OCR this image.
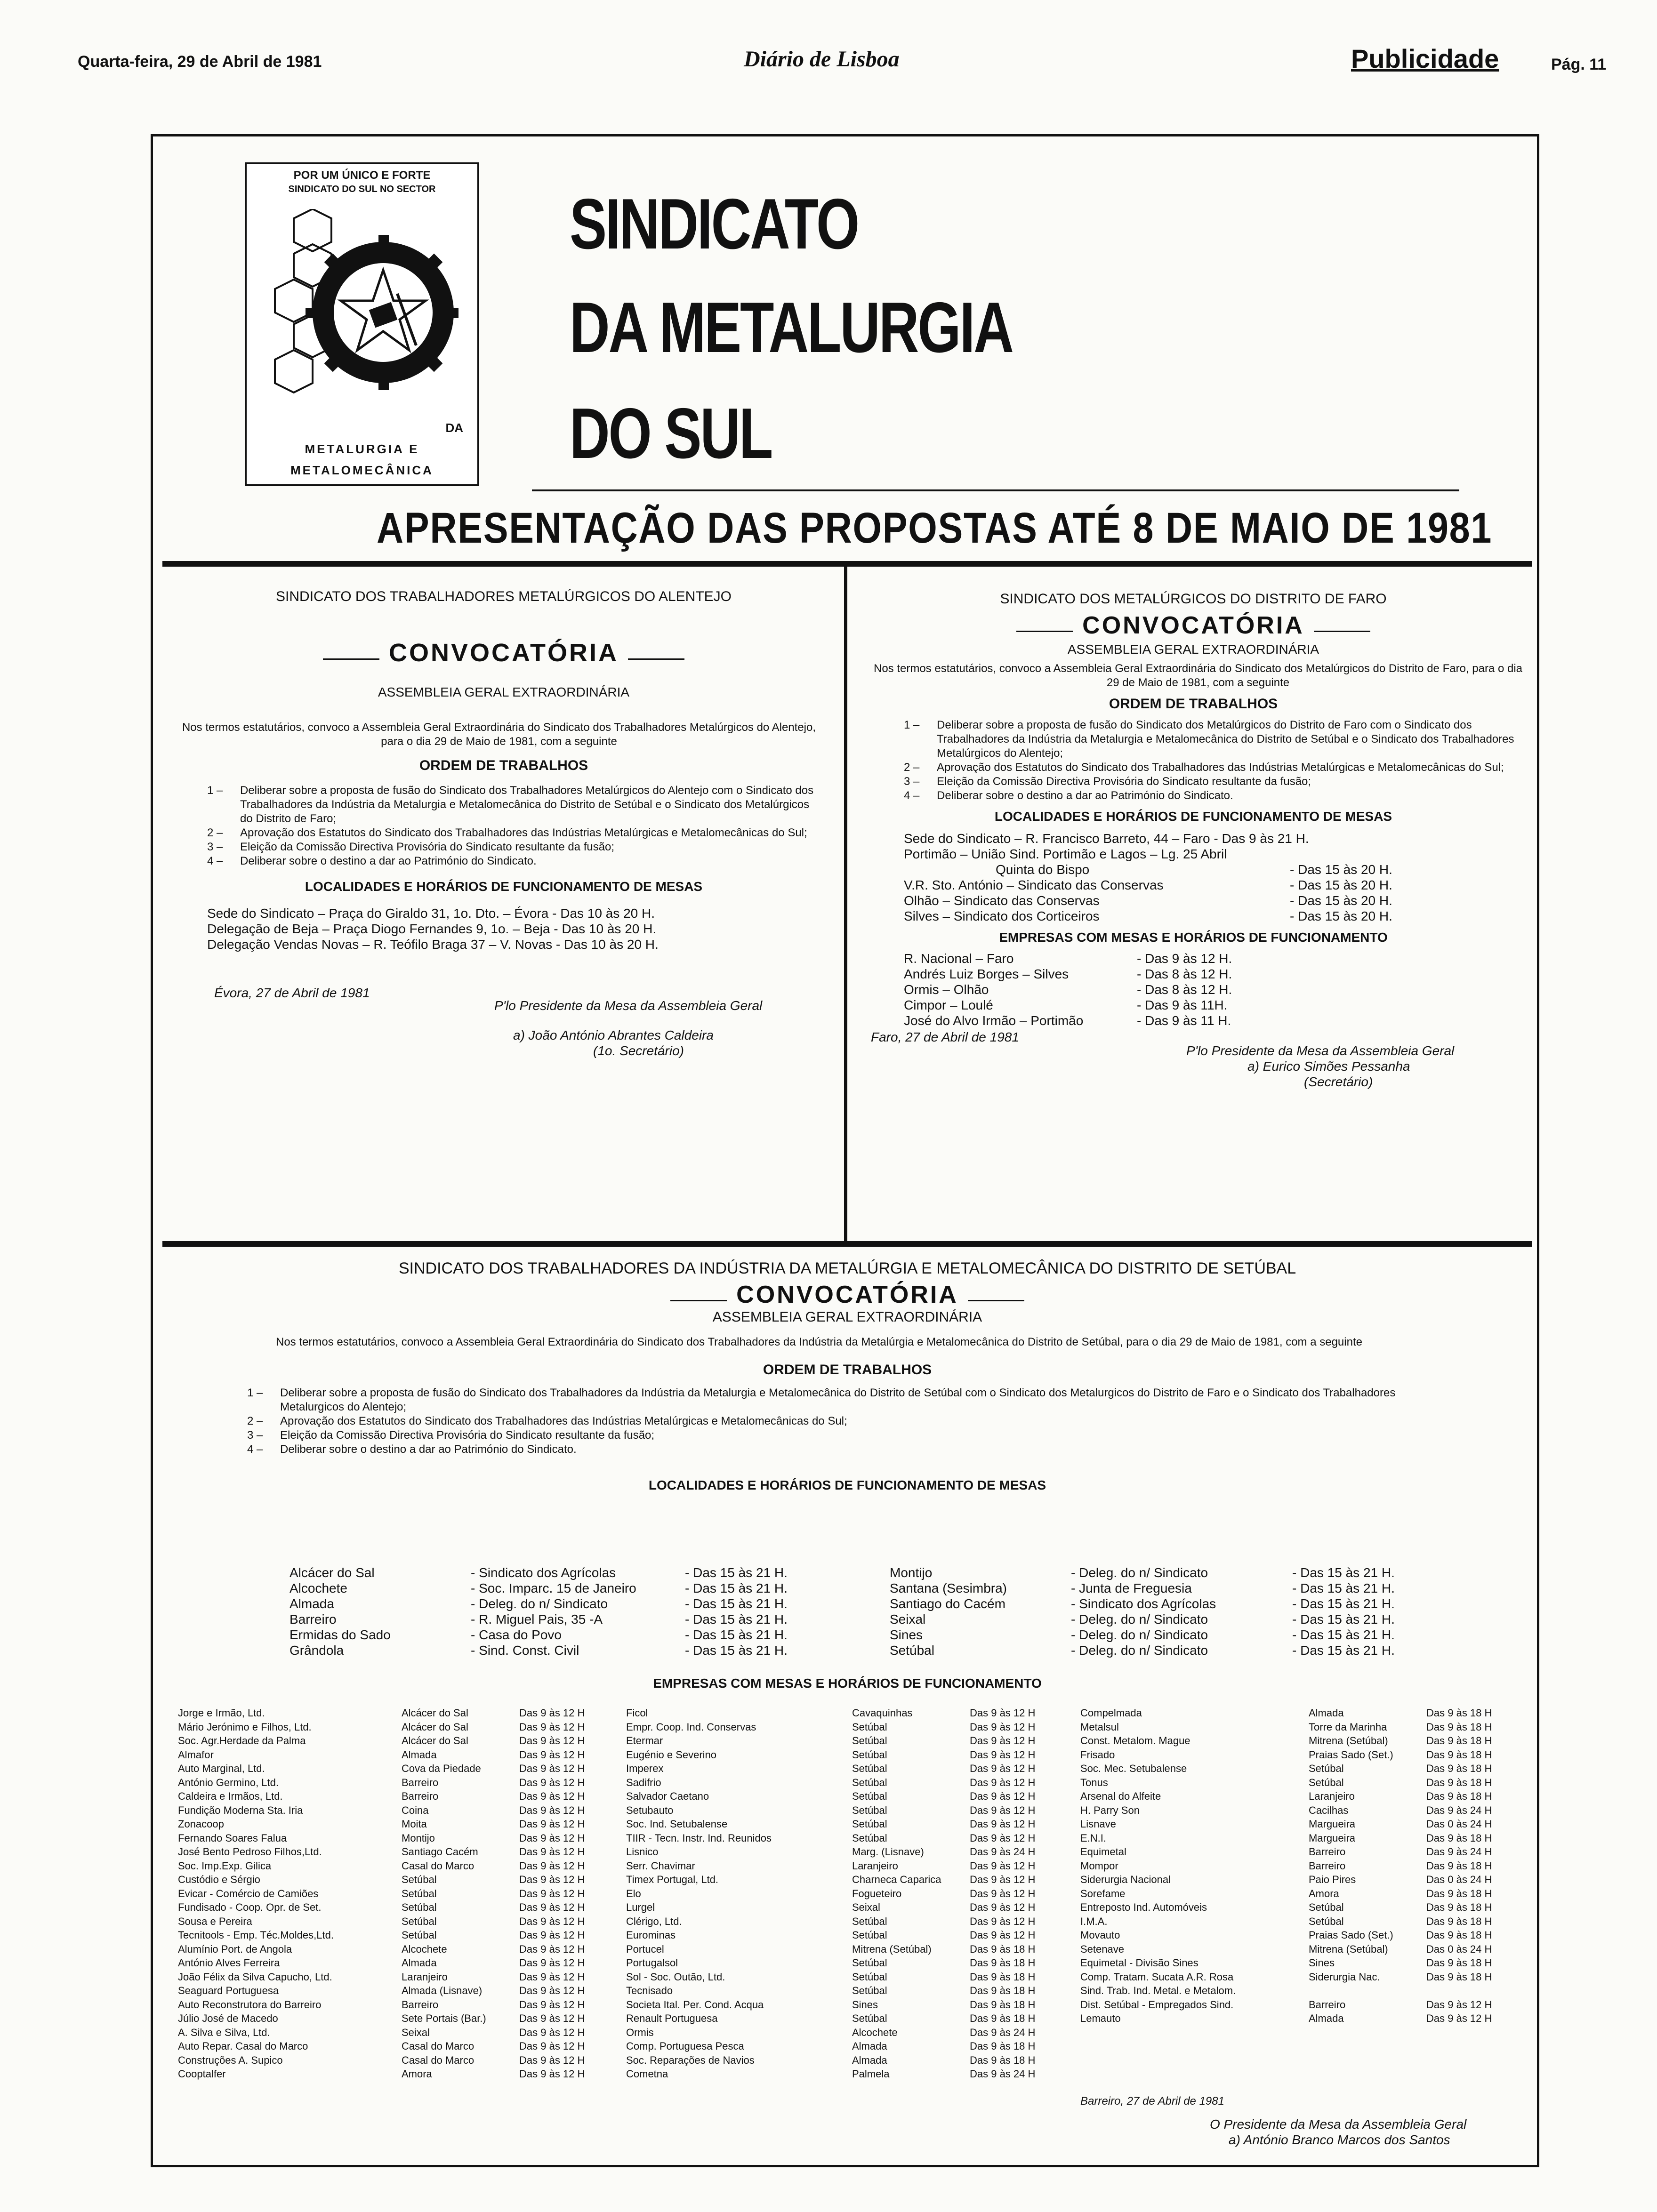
Quarta-feira, 29 de Abril de 1981	Diário de Lisboa	Publicidade	Pág. 11
POR UM ÚNICO E FORTE
SINDICATO DO SUL NO SECTOR
DA
METALURGIA E
METALOMECÂNICA
SINDICATO
DA METALURGIA
DO SUL
APRESENTAÇÃO DAS PROPOSTAS ATÉ 8 DE MAIO DE 1981
SINDICATO DOS TRABALHADORES METALÚRGICOS DO ALENTEJO
CONVOCATÓRIA
ASSEMBLEIA GERAL EXTRAORDINÁRIA
Nos termos estatutários, convoco a Assembleia Geral Extraordinária do Sindicato dos Trabalhadores Metalúrgicos do Alentejo, para o dia 29 de Maio de 1981, com a seguinte
ORDEM DE TRABALHOS
1 – Deliberar sobre a proposta de fusão do Sindicato dos Trabalhadores Metalúrgicos do Alentejo com o Sindicato dos Trabalhadores da Indústria da Metalurgia e Metalomecânica do Distrito de Setúbal e o Sindicato dos Metalúrgicos do Distrito de Faro;
2 – Aprovação dos Estatutos do Sindicato dos Trabalhadores das Indústrias Metalúrgicas e Metalomecânicas do Sul;
3 – Eleição da Comissão Directiva Provisória do Sindicato resultante da fusão;
4 – Deliberar sobre o destino a dar ao Património do Sindicato.
LOCALIDADES E HORÁRIOS DE FUNCIONAMENTO DE MESAS
Sede do Sindicato – Praça do Giraldo 31, 1o. Dto. – Évora - Das 10 às 20 H.
Delegação de Beja – Praça Diogo Fernandes 9, 1o. – Beja - Das 10 às 20 H.
Delegação Vendas Novas – R. Teófilo Braga 37 – V. Novas - Das 10 às 20 H.
Évora, 27 de Abril de 1981
P'lo Presidente da Mesa da Assembleia Geral
a) João António Abrantes Caldeira
(1o. Secretário)
SINDICATO DOS METALÚRGICOS DO DISTRITO DE FARO
CONVOCATÓRIA
ASSEMBLEIA GERAL EXTRAORDINÁRIA
Nos termos estatutários, convoco a Assembleia Geral Extraordinária do Sindicato dos Metalúrgicos do Distrito de Faro, para o dia 29 de Maio de 1981, com a seguinte
ORDEM DE TRABALHOS
1 – Deliberar sobre a proposta de fusão do Sindicato dos Metalúrgicos do Distrito de Faro com o Sindicato dos Trabalhadores da Indústria da Metalurgia e Metalomecânica do Distrito de Setúbal e o Sindicato dos Trabalhadores Metalúrgicos do Alentejo;
2 – Aprovação dos Estatutos do Sindicato dos Trabalhadores das Indústrias Metalúrgicas e Metalomecânicas do Sul;
3 – Eleição da Comissão Directiva Provisória do Sindicato resultante da fusão;
4 – Deliberar sobre o destino a dar ao Património do Sindicato.
LOCALIDADES E HORÁRIOS DE FUNCIONAMENTO DE MESAS
Sede do Sindicato – R. Francisco Barreto, 44 – Faro - Das 9 às 21 H.
Portimão – União Sind. Portimão e Lagos – Lg. 25 Abril	
Quinta do Bispo	- Das 15 às 20 H.
V.R. Sto. António – Sindicato das Conservas	- Das 15 às 20 H.
Olhão – Sindicato das Conservas	- Das 15 às 20 H.
Silves – Sindicato dos Corticeiros	- Das 15 às 20 H.
EMPRESAS COM MESAS E HORÁRIOS DE FUNCIONAMENTO
R. Nacional – Faro	- Das 9 às 12 H.
Andrés Luiz Borges – Silves	- Das 8 às 12 H.
Ormis – Olhão	- Das 8 às 12 H.
Cimpor – Loulé	- Das 9 às 11H.
José do Alvo Irmão – Portimão	- Das 9 às 11 H.
Faro, 27 de Abril de 1981
P'lo Presidente da Mesa da Assembleia Geral
a) Eurico Simões Pessanha
(Secretário)
SINDICATO DOS TRABALHADORES DA INDÚSTRIA DA METALÚRGIA E METALOMECÂNICA DO DISTRITO DE SETÚBAL
CONVOCATÓRIA
ASSEMBLEIA GERAL EXTRAORDINÁRIA
Nos termos estatutários, convoco a Assembleia Geral Extraordinária do Sindicato dos Trabalhadores da Indústria da Metalúrgia e Metalomecânica do Distrito de Setúbal, para o dia 29 de Maio de 1981, com a seguinte
ORDEM DE TRABALHOS
1 – Deliberar sobre a proposta de fusão do Sindicato dos Trabalhadores da Indústria da Metalurgia e Metalomecânica do Distrito de Setúbal com o Sindicato dos Metalurgicos do Distrito de Faro e o Sindicato dos Trabalhadores Metalurgicos do Alentejo;
2 – Aprovação dos Estatutos do Sindicato dos Trabalhadores das Indústrias Metalúrgicas e Metalomecânicas do Sul;
3 – Eleição da Comissão Directiva Provisória do Sindicato resultante da fusão;
4 – Deliberar sobre o destino a dar ao Património do Sindicato.
LOCALIDADES E HORÁRIOS DE FUNCIONAMENTO DE MESAS
Alcácer do Sal	- Sindicato dos Agrícolas	- Das 15 às 21 H.
Alcochete	- Soc. Imparc. 15 de Janeiro	- Das 15 às 21 H.
Almada	- Deleg. do n/ Sindicato	- Das 15 às 21 H.
Barreiro	- R. Miguel Pais, 35 -A	- Das 15 às 21 H.
Ermidas do Sado	- Casa do Povo	- Das 15 às 21 H.
Grândola	- Sind. Const. Civil	- Das 15 às 21 H.
Montijo	- Deleg. do n/ Sindicato	- Das 15 às 21 H.
Santana (Sesimbra)	- Junta de Freguesia	- Das 15 às 21 H.
Santiago do Cacém	- Sindicato dos Agrícolas	- Das 15 às 21 H.
Seixal	- Deleg. do n/ Sindicato	- Das 15 às 21 H.
Sines	- Deleg. do n/ Sindicato	- Das 15 às 21 H.
Setúbal	- Deleg. do n/ Sindicato	- Das 15 às 21 H.
EMPRESAS COM MESAS E HORÁRIOS DE FUNCIONAMENTO
Jorge e Irmão, Ltd.	Alcácer do Sal	Das 9 às 12 H
Mário Jerónimo e Filhos, Ltd.	Alcácer do Sal	Das 9 às 12 H
Soc. Agr.Herdade da Palma	Alcácer do Sal	Das 9 às 12 H
Almafor	Almada	Das 9 às 12 H
Auto Marginal, Ltd.	Cova da Piedade	Das 9 às 12 H
António Germino, Ltd.	Barreiro	Das 9 às 12 H
Caldeira e Irmãos, Ltd.	Barreiro	Das 9 às 12 H
Fundição Moderna Sta. Iria	Coina	Das 9 às 12 H
Zonacoop	Moita	Das 9 às 12 H
Fernando Soares Falua	Montijo	Das 9 às 12 H
José Bento Pedroso Filhos,Ltd.	Santiago Cacém	Das 9 às 12 H
Soc. Imp.Exp. Gilica	Casal do Marco	Das 9 às 12 H
Custódio e Sérgio	Setúbal	Das 9 às 12 H
Evicar - Comércio de Camiões	Setúbal	Das 9 às 12 H
Fundisado - Coop. Opr. de Set.	Setúbal	Das 9 às 12 H
Sousa e Pereira	Setúbal	Das 9 às 12 H
Tecnitools - Emp. Téc.Moldes,Ltd.	Setúbal	Das 9 às 12 H
Alumínio Port. de Angola	Alcochete	Das 9 às 12 H
António Alves Ferreira	Almada	Das 9 às 12 H
João Félix da Silva Capucho, Ltd.	Laranjeiro	Das 9 às 12 H
Seaguard Portuguesa	Almada (Lisnave)	Das 9 às 12 H
Auto Reconstrutora do Barreiro	Barreiro	Das 9 às 12 H
Júlio José de Macedo	Sete Portais (Bar.)	Das 9 às 12 H
A. Silva e Silva, Ltd.	Seixal	Das 9 às 12 H
Auto Repar. Casal do Marco	Casal do Marco	Das 9 às 12 H
Construções A. Supico	Casal do Marco	Das 9 às 12 H
Cooptalfer	Amora	Das 9 às 12 H
Ficol	Cavaquinhas	Das 9 às 12 H
Empr. Coop. Ind. Conservas	Setúbal	Das 9 às 12 H
Etermar	Setúbal	Das 9 às 12 H
Eugénio e Severino	Setúbal	Das 9 às 12 H
Imperex	Setúbal	Das 9 às 12 H
Sadifrio	Setúbal	Das 9 às 12 H
Salvador Caetano	Setúbal	Das 9 às 12 H
Setubauto	Setúbal	Das 9 às 12 H
Soc. Ind. Setubalense	Setúbal	Das 9 às 12 H
TIIR - Tecn. Instr. Ind. Reunidos	Setúbal	Das 9 às 12 H
Lisnico	Marg. (Lisnave)	Das 9 às 24 H
Serr. Chavimar	Laranjeiro	Das 9 às 12 H
Timex Portugal, Ltd.	Charneca Caparica	Das 9 às 12 H
Elo	Fogueteiro	Das 9 às 12 H
Lurgel	Seixal	Das 9 às 12 H
Clérigo, Ltd.	Setúbal	Das 9 às 12 H
Eurominas	Setúbal	Das 9 às 12 H
Portucel	Mitrena (Setúbal)	Das 9 às 18 H
Portugalsol	Setúbal	Das 9 às 18 H
Sol - Soc. Outão, Ltd.	Setúbal	Das 9 às 18 H
Tecnisado	Setúbal	Das 9 às 18 H
Societa Ital. Per. Cond. Acqua	Sines	Das 9 às 18 H
Renault Portuguesa	Setúbal	Das 9 às 18 H
Ormis	Alcochete	Das 9 às 24 H
Comp. Portuguesa Pesca	Almada	Das 9 às 18 H
Soc. Reparações de Navios	Almada	Das 9 às 18 H
Cometna	Palmela	Das 9 às 24 H
Compelmada	Almada	Das 9 às 18 H
Metalsul	Torre da Marinha	Das 9 às 18 H
Const. Metalom. Mague	Mitrena (Setúbal)	Das 9 às 18 H
Frisado	Praias Sado (Set.)	Das 9 às 18 H
Soc. Mec. Setubalense	Setúbal	Das 9 às 18 H
Tonus	Setúbal	Das 9 às 18 H
Arsenal do Alfeite	Laranjeiro	Das 9 às 18 H
H. Parry Son	Cacilhas	Das 9 às 24 H
Lisnave	Margueira	Das 0 às 24 H
E.N.I.	Margueira	Das 9 às 18 H
Equimetal	Barreiro	Das 9 às 24 H
Mompor	Barreiro	Das 9 às 18 H
Siderurgia Nacional	Paio Pires	Das 0 às 24 H
Sorefame	Amora	Das 9 às 18 H
Entreposto Ind. Automóveis	Setúbal	Das 9 às 18 H
I.M.A.	Setúbal	Das 9 às 18 H
Movauto	Praias Sado (Set.)	Das 9 às 18 H
Setenave	Mitrena (Setúbal)	Das 0 às 24 H
Equimetal - Divisão Sines	Sines	Das 9 às 18 H
Comp. Tratam. Sucata A.R. Rosa	Siderurgia Nac.	Das 9 às 18 H
Sind. Trab. Ind. Metal. e Metalom.		
Dist. Setúbal - Empregados Sind.	Barreiro	Das 9 às 12 H
Lemauto	Almada	Das 9 às 12 H
Barreiro, 27 de Abril de 1981
O Presidente da Mesa da Assembleia Geral
a) António Branco Marcos dos Santos
